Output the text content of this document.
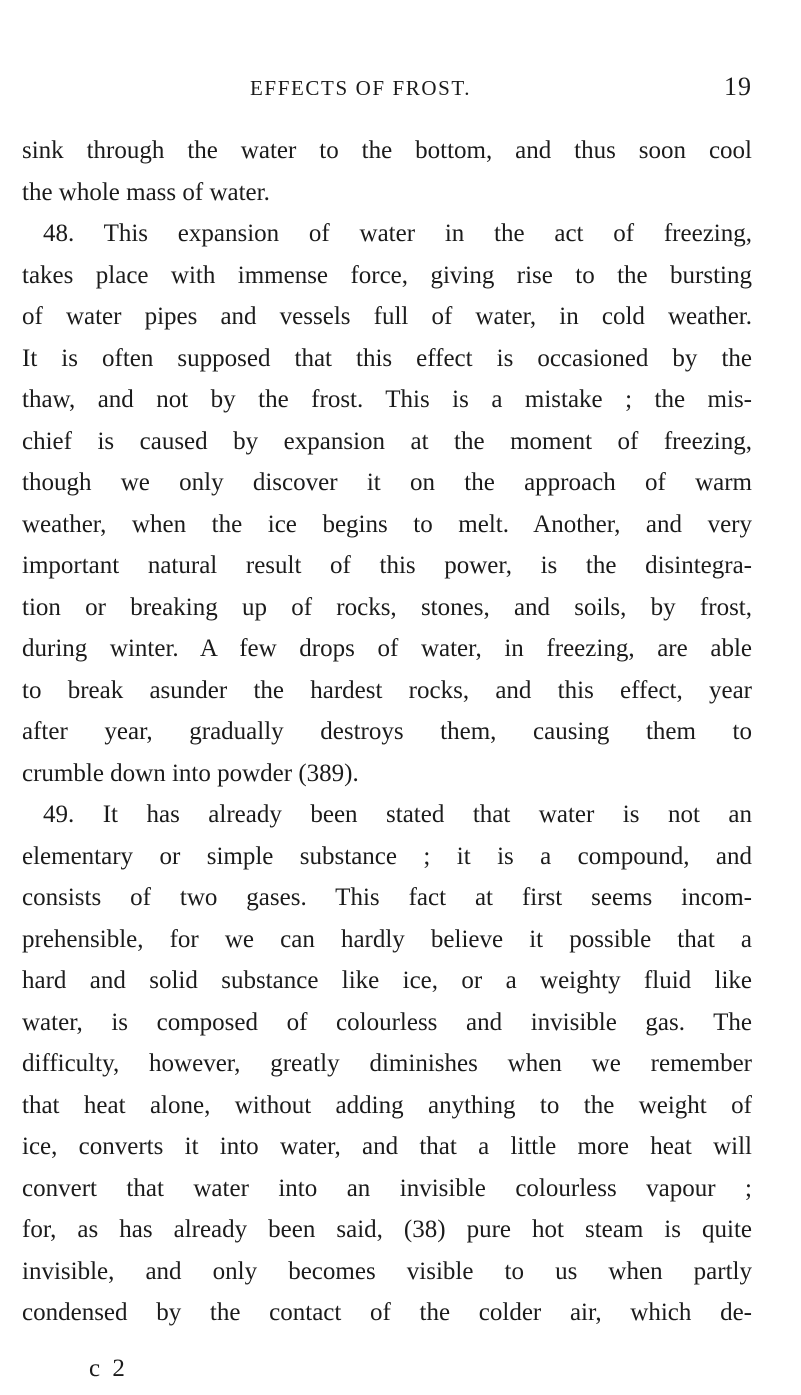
EFFECTS OF FROST.	19
sink through the water to the bottom, and thus soon cool
the whole mass of water.
48. This expansion of water in the act of freezing,
takes place with immense force, giving rise to the bursting
of water pipes and vessels full of water, in cold weather.
It is often supposed that this effect is occasioned by the
thaw, and not by the frost. This is a mistake ; the mis-
chief is caused by expansion at the moment of freezing,
though we only discover it on the approach of warm
weather, when the ice begins to melt. Another, and very
important natural result of this power, is the disintegra-
tion or breaking up of rocks, stones, and soils, by frost,
during winter. A few drops of water, in freezing, are able
to break asunder the hardest rocks, and this effect, year
after year, gradually destroys them, causing them to
crumble down into powder (389).
49. It has already been stated that water is not an
elementary or simple substance ; it is a compound, and
consists of two gases. This fact at first seems incom-
prehensible, for we can hardly believe it possible that a
hard and solid substance like ice, or a weighty fluid like
water, is composed of colourless and invisible gas. The
difficulty, however, greatly diminishes when we remember
that heat alone, without adding anything to the weight of
ice, converts it into water, and that a little more heat will
convert that water into an invisible colourless vapour ;
for, as has already been said, (38) pure hot steam is quite
invisible, and only becomes visible to us when partly
condensed by the contact of the colder air, which de-
c 2
